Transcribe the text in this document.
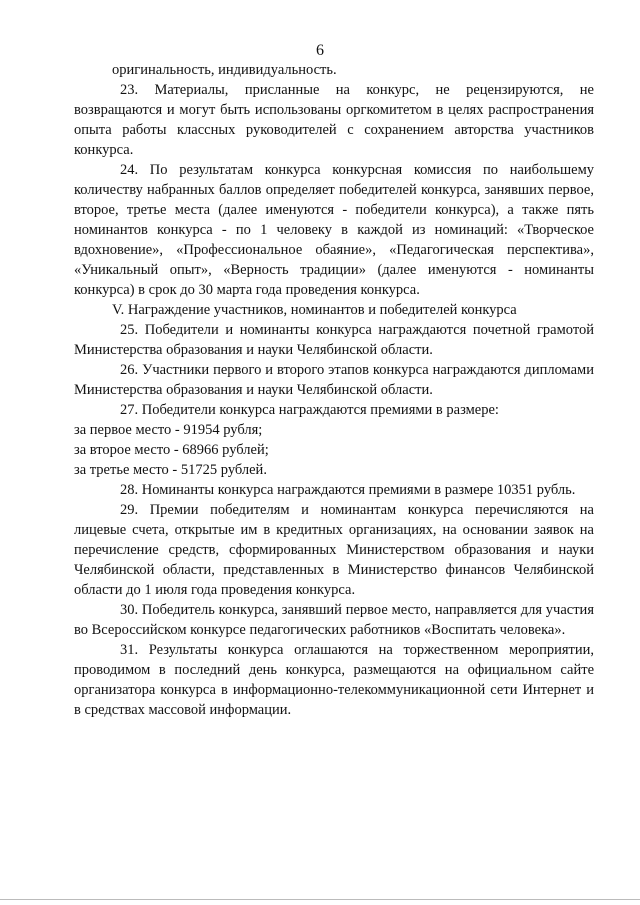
6

оригинальность, индивидуальность.

23. Материалы, присланные на конкурс, не рецензируются, не возвращаются и могут быть использованы оргкомитетом в целях распространения опыта работы классных руководителей с сохранением авторства участников конкурса.

24. По результатам конкурса конкурсная комиссия по наибольшему количеству набранных баллов определяет победителей конкурса, занявших первое, второе, третье места (далее именуются - победители конкурса), а также пять номинантов конкурса - по 1 человеку в каждой из номинаций: «Творческое вдохновение», «Профессиональное обаяние», «Педагогическая перспектива», «Уникальный опыт», «Верность традиции» (далее именуются - номинанты конкурса) в срок до 30 марта года проведения конкурса.

V. Награждение участников, номинантов и победителей конкурса

25. Победители и номинанты конкурса награждаются почетной грамотой Министерства образования и науки Челябинской области.

26. Участники первого и второго этапов конкурса награждаются дипломами Министерства образования и науки Челябинской области.

27. Победители конкурса награждаются премиями в размере:

за первое место - 91954 рубля;

за второе место - 68966 рублей;

за третье место - 51725 рублей.

28. Номинанты конкурса награждаются премиями в размере 10351 рубль.

29. Премии победителям и номинантам конкурса перечисляются на лицевые счета, открытые им в кредитных организациях, на основании заявок на перечисление средств, сформированных Министерством образования и науки Челябинской области, представленных в Министерство финансов Челябинской области до 1 июля года проведения конкурса.

30. Победитель конкурса, занявший первое место, направляется для участия во Всероссийском конкурсе педагогических работников «Воспитать человека».

31. Результаты конкурса оглашаются на торжественном мероприятии, проводимом в последний день конкурса, размещаются на официальном сайте организатора конкурса в информационно-телекоммуникационной сети Интернет и в средствах массовой информации.
